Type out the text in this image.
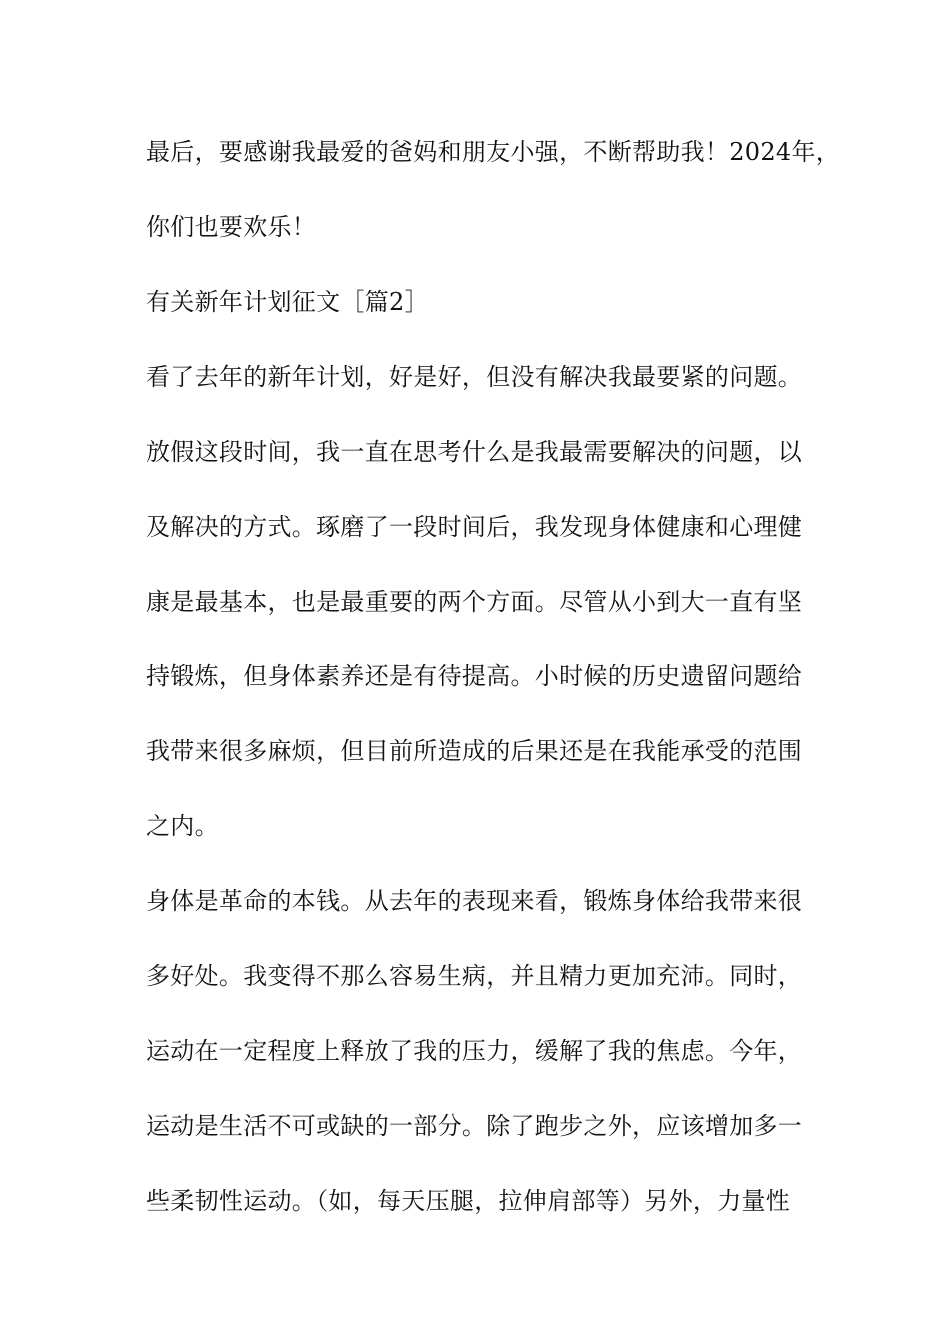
最后，要感谢我最爱的爸妈和朋友小强，不断帮助我！2024年，
你们也要欢乐！
有关新年计划征文［篇2］
看了去年的新年计划，好是好，但没有解决我最要紧的问题。
放假这段时间，我一直在思考什么是我最需要解决的问题，以
及解决的方式。琢磨了一段时间后，我发现身体健康和心理健
康是最基本，也是最重要的两个方面。尽管从小到大一直有坚
持锻炼，但身体素养还是有待提高。小时候的历史遗留问题给
我带来很多麻烦，但目前所造成的后果还是在我能承受的范围
之内。
身体是革命的本钱。从去年的表现来看，锻炼身体给我带来很
多好处。我变得不那么容易生病，并且精力更加充沛。同时，
运动在一定程度上释放了我的压力，缓解了我的焦虑。今年，
运动是生活不可或缺的一部分。除了跑步之外，应该增加多一
些柔韧性运动。（如，每天压腿，拉伸肩部等）另外，力量性
